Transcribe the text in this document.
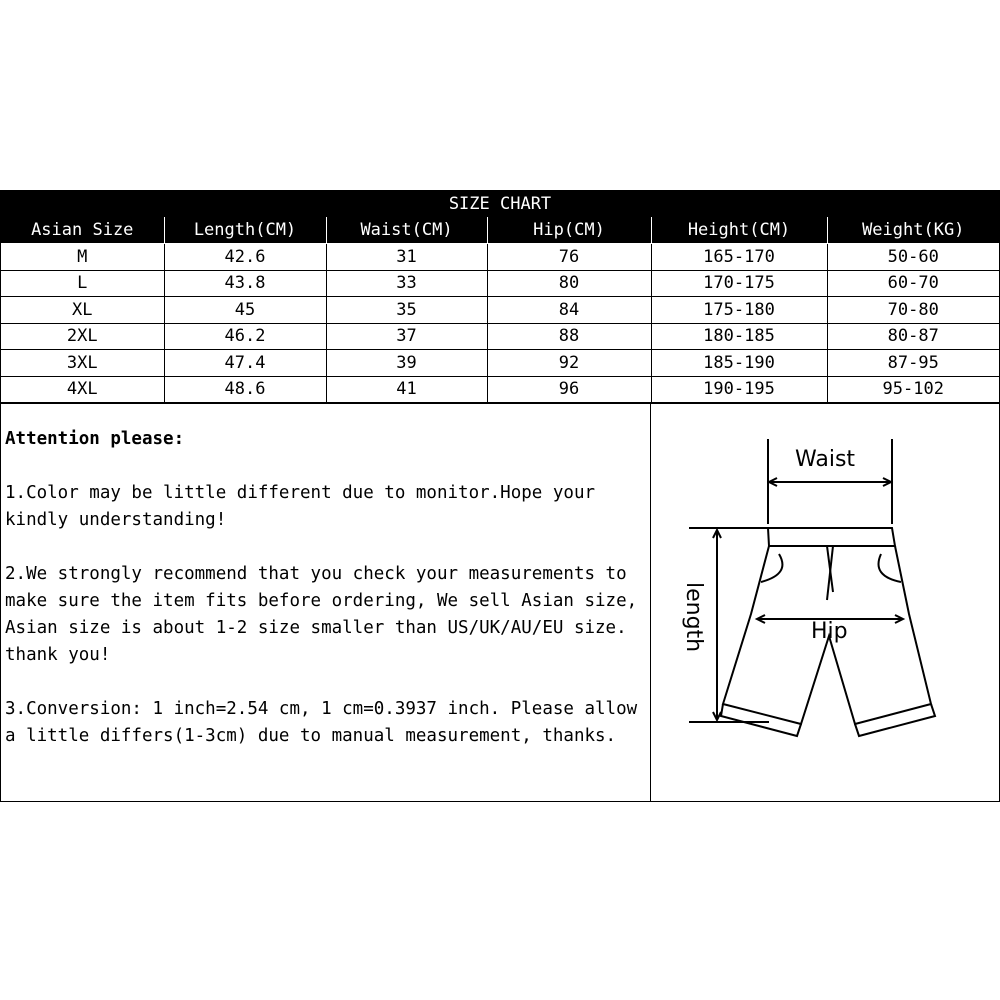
SIZE CHART
Asian Size	Length(CM)	Waist(CM)	Hip(CM)	Height(CM)	Weight(KG)
M	42.6	31	76	165-170	50-60
L	43.8	33	80	170-175	60-70
XL	45	35	84	175-180	70-80
2XL	46.2	37	88	180-185	80-87
3XL	47.4	39	92	185-190	87-95
4XL	48.6	41	96	190-195	95-102
Attention please:

1.Color may be little different due to monitor.Hope your kindly understanding!

2.We strongly recommend that you check your measurements to make sure the item fits before ordering, We sell Asian size, Asian size is about 1-2 size smaller than US/UK/AU/EU size. thank you!

3.Conversion: 1 inch=2.54 cm, 1 cm=0.3937 inch. Please allow a little differs(1-3cm) due to manual measurement, thanks.

Waist
Hip
length
